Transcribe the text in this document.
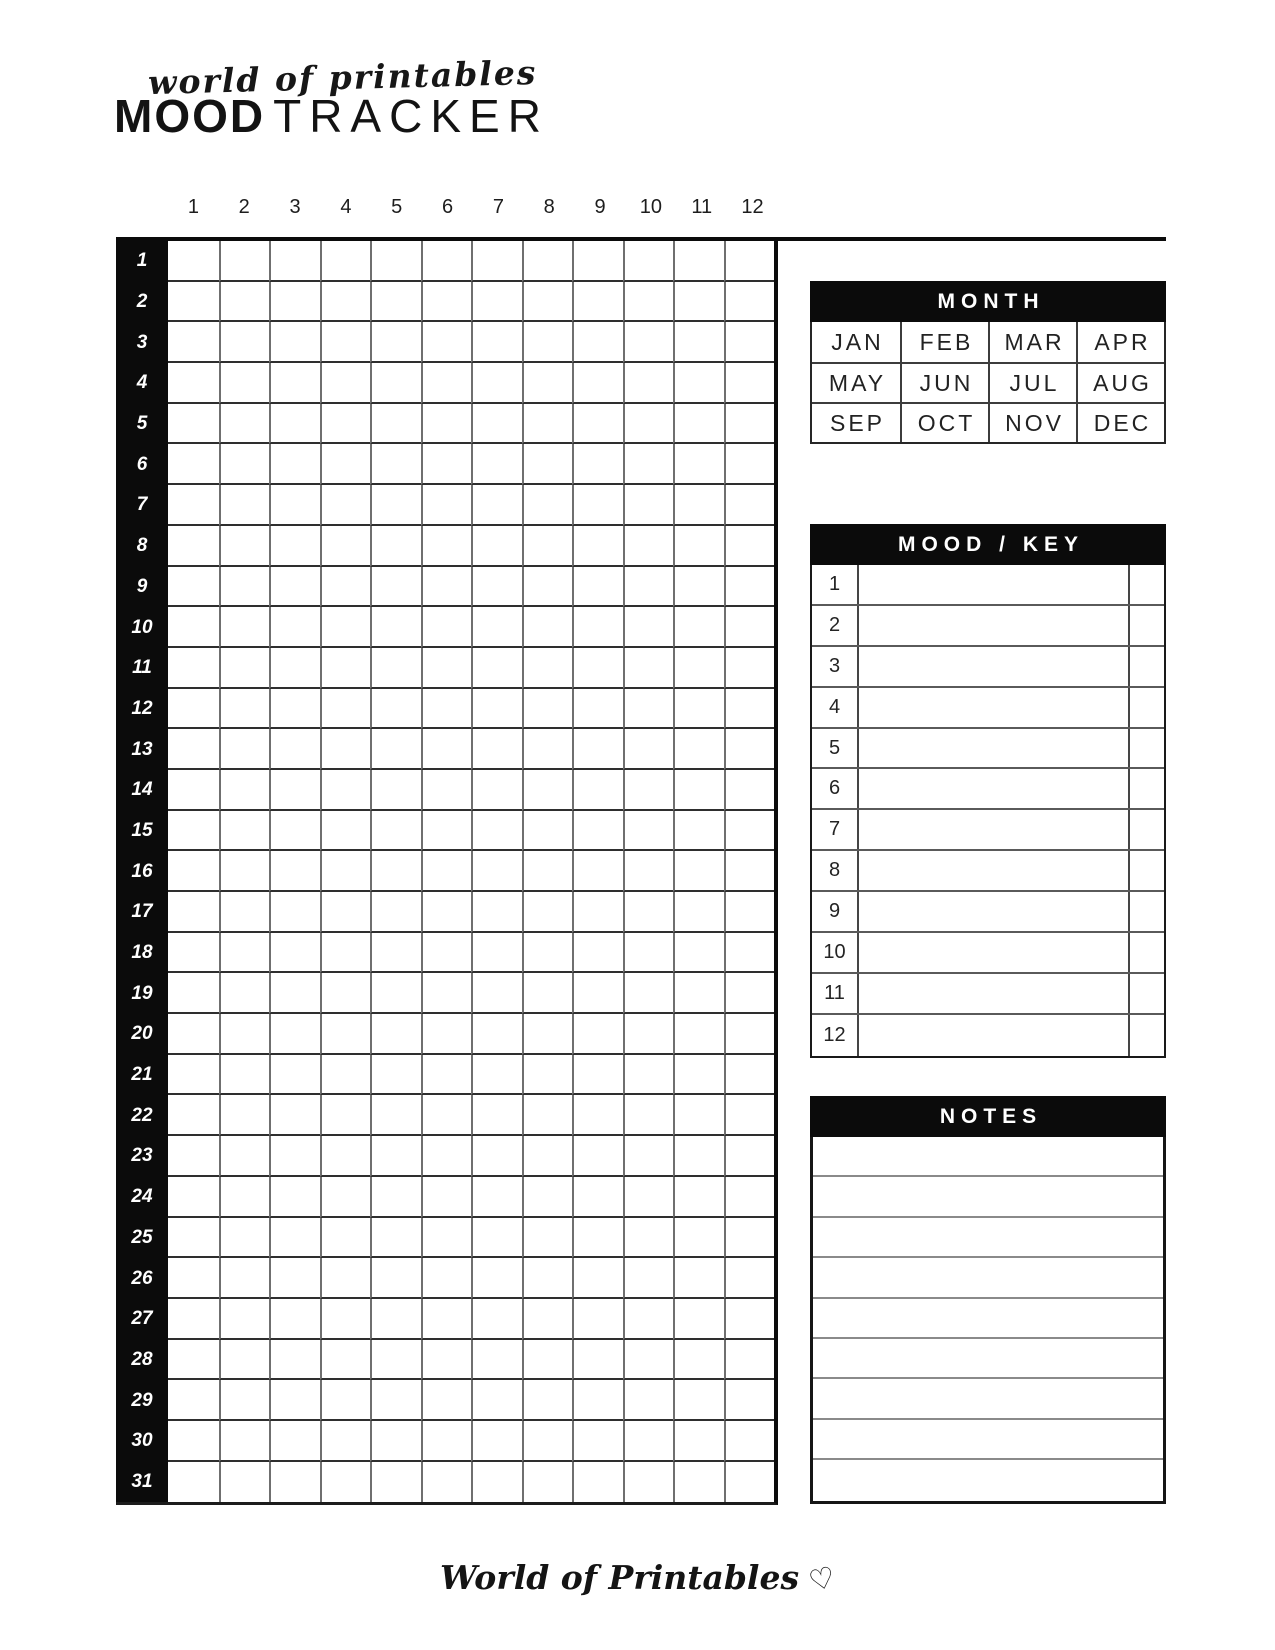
world of printables
MOOD TRACKER
1	2	3	4	5	6	7	8	9	10	11	12
1
2
3
4
5
6
7
8
9
10
11
12
13
14
15
16
17
18
19
20
21
22
23
24
25
26
27
28
29
30
31
MONTH
JAN	FEB	MAR	APR
MAY	JUN	JUL	AUG
SEP	OCT	NOV	DEC
MOOD / KEY
1
2
3
4
5
6
7
8
9
10
11
12
NOTES
World of Printables ♡
